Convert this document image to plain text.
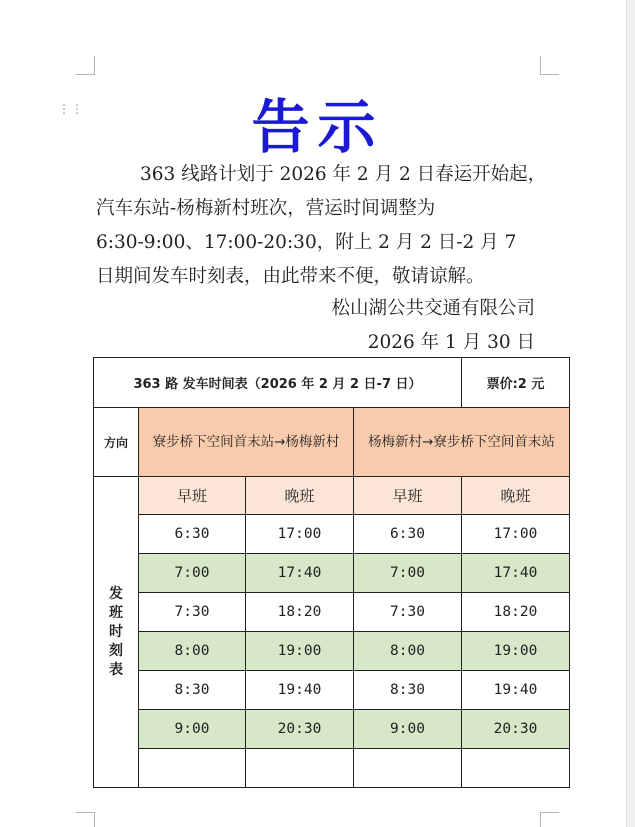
⋮⋮	告示
363 线路计划于 2026 年 2 月 2 日春运开始起，
汽车东站-杨梅新村班次，营运时间调整为
6:30-9:00、17:00-20:30，附上 2 月 2 日-2 月 7
日期间发车时刻表，由此带来不便，敬请谅解。
松山湖公共交通有限公司
2026 年 1 月 30 日
363 路 发车时间表（2026 年 2 月 2 日-7 日）				票价:2 元
方向	寮步桥下空间首末站→杨梅新村		杨梅新村→寮步桥下空间首末站	

发
班
时
刻
表	早班	晚班	早班	晚班
	6:30	17:00	6:30	17:00
	7:00	17:40	7:00	17:40
	7:30	18:20	7:30	18:20
	8:00	19:00	8:00	19:00
	8:30	19:40	8:30	19:40
	9:00	20:30	9:00	20:30
